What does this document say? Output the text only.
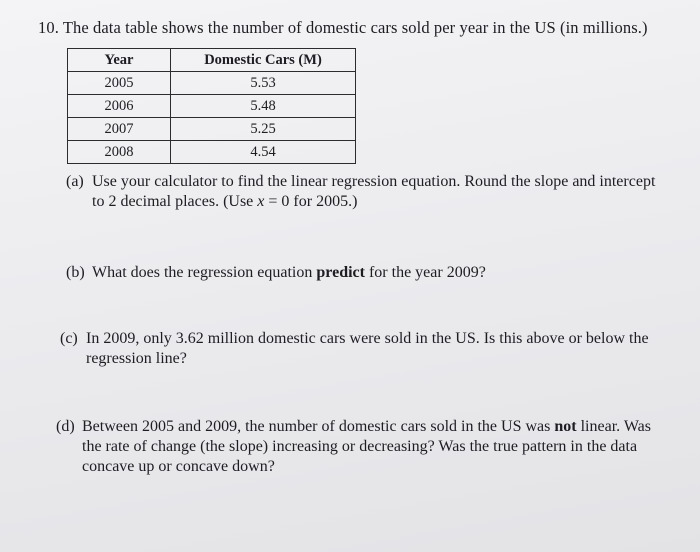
10. The data table shows the number of domestic cars sold per year in the US (in millions.)
Year	Domestic Cars (M)
2005	5.53
2006	5.48
2007	5.25
2008	4.54
(a) Use your calculator to find the linear regression equation. Round the slope and intercept
to 2 decimal places. (Use x = 0 for 2005.)
(b) What does the regression equation predict for the year 2009?
(c) In 2009, only 3.62 million domestic cars were sold in the US. Is this above or below the
regression line?
(d) Between 2005 and 2009, the number of domestic cars sold in the US was not linear. Was
the rate of change (the slope) increasing or decreasing? Was the true pattern in the data
concave up or concave down?
